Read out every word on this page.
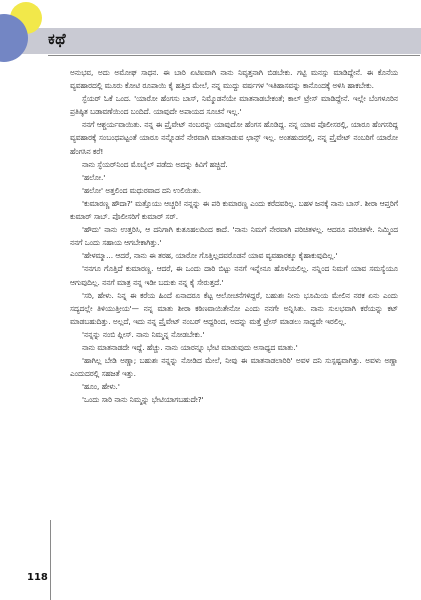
ಕಥೆ

ಅನುಭವ, ಅದು ಅಮೋಘ ಸಾಧನ. ಈ ಬಾರಿ ಏಟಿಐವಾಗಿ ನಾನು ನಿವೃತ್ತನಾಗಿ ಬಿಡಬೇಕು. ಗಟ್ಟಿ ಮನಸ್ಸು ಮಾಡಿದ್ದೇನೆ. ಈ ಕೊನೆಯ ವ್ಯವಹಾರದಲ್ಲಿ ಮೂರು ಕೋಟಿ ರೂಪಾಯಿ ಕೈ ಹತ್ತಿದ ಮೇಲೆ, ನನ್ನ ಮುದ್ದು ವರ್ಷಗಳ 'ಇತಿಹಾಸವನ್ನು ಕಾನೊಂದಕ್ಕೆ ಅಳಿಸಿ ಹಾಕಬೇಕು.

ಸ್ಫೆಯರ್ ಓಕೆ ಒಂದ. 'ಯಾರೋ ಹೆಂಗಸು ಬಾಸ್, ನಿಮ್ಮೊಡನೆಯೇ ಮಾತನಾಡಬೇಕಂತೆ; ಕಾಲ್ ಟ್ರೇಸ್ ಮಾಡಿದ್ದೇನೆ. ಇಲ್ಲೇ ಬೆಂಗಳೂರಿನ ಪ್ರತಿಷ್ಠಿತ ಬಡಾವಣೆಯಿಂದ ಬಂದಿದೆ. ಯಾವುದೇ ಅಪಾಯದ ಸೂಚನೆ ಇಲ್ಲ.'

ನನಗೆ ಆಶ್ಚರ್ಯವಾಯಿತು. ನನ್ನ ಈ ಪ್ರೈವೇಟ್ ನಂಬರನ್ನು ಯಾವುದೋ ಹೆಂಗಸ ಹೊಡಿದ್ದ. ನನ್ನ ಯಾವ ಪೊಲೀಸರಲ್ಲಿ, ಯಾರೂ ಹೆಂಗಸರಿದ್ದ ವ್ಯವಹಾರಕ್ಕೆ ಸಂಬಂಧಪಟ್ಟಂತೆ ಯಾರೂ ನನ್ನೊಡನೆ ನೇರವಾಗಿ ಮಾತನಾಡುವ ಛಾನ್ಸ್ ಇಲ್ಲ. ಅಂತಹುದರಲ್ಲಿ, ನನ್ನ ಪ್ರೈವೇಟ್ ನಂಬರಿಗೆ ಯಾರೋ ಹೆಂಗಸಿನ ಕರೆ!

ನಾನು ಸ್ಫೆಯರ್‌ನಿಂದ ಮೊಬೈಲ್ ಪಡೆದು ಅದನ್ನು ಕಿವಿಗೆ ಹಚ್ಚಿದೆ.

'ಹಲೋ.'

'ಹಲೋ' ಅತ್ತಲಿಂದ ಮಧುರವಾದ ದನಿ ಉಲಿಯಿತು.

'ಕುಮಾರಣ್ಣ ಹೌದಾ?' ಮತ್ತೊಯು ಆಚ್ಚರಿ! ನನ್ನನ್ನು ಈ ಪರಿ ಕುಮಾರಣ್ಣ ಎಂದು ಕರೆದವರಿಲ್ಲ. ಬಹಳ ಜನಕ್ಕೆ ನಾನು ಬಾಸ್. ಶೀರಾ ಆಪ್ತರಿಗೆ ಕುಮಾರ್ ಸಾಬ್. ಪೊಲೀಸರಿಗೆ ಕುಮಾರ್ ಸರ್.

'ಹೌದು' ನಾನು ಉತ್ತರಿಸಿ, ಆ ದನಿಗಾಗಿ ಕುತೂಹಲದಿಂದ ಕಾದೆ. 'ನಾನು ನಿಮಗೆ ನೇರವಾಗಿ ಪರಿಚಿತಳಲ್ಲ. ಆದರೂ ಪರಿಚಿತಳೇ. ನಿಮ್ಮಿಂದ ನನಗೆ ಒಂದು ಸಹಾಯ ಆಗಬೇಕಾಗಿತ್ತು.'

'ಹೇಳಮ್ಮಾ... ಆದರೆ, ನಾನು ಈ ತರಹ, ಯಾರೋ ಗೊತ್ತಿಲ್ಲದವರೊಡನೆ ಯಾವ ವ್ಯವಹಾರಕ್ಕೂ ಕೈಹಾಕುವುದಿಲ್ಲ.'

'ನನಗೂ ಗೊತ್ತಿದೆ ಕುಮಾರಣ್ಣ. ಆದರೆ, ಈ ಒಂದು ದಾರಿ ಬಿಟ್ಟು ನನಗೆ ಇನ್ನೇನೂ ಹೊಳೆಯಲಿಲ್ಲ. ನನ್ನಿಂದ ನಿಮಗೆ ಯಾವ ಸಮಸ್ಯೆಯೂ ಆಗುವುದಿಲ್ಲ. ನನಗೆ ಮಾತ್ರ ನನ್ನ ಇಡೀ ಬದುಕು ನನ್ನ ಕೈ ಸೇರುತ್ತದೆ.'

'ಸರಿ, ಹೇಳು. ನಿನ್ನ ಈ ಕರೆಯ ಹಿಂದೆ ಏನಾದರೂ ಕೆಟ್ಟ ಆಲೋಚನೆಗಳಿದ್ದರೆ, ಬಹುಶಃ ನೀನು ಭೂಮಿಯ ಮೇಲಿನ ನರಕ ಏನು ಎಂದು ಸದ್ಯದಲ್ಲೇ ತಿಳಿಯುತ್ತೀಯ'— ನನ್ನ ಮಾತು ಶೀರಾ ಕಠಿಣವಾಯಿತೇನೋ ಎಂದು ನನಗೇ ಅನ್ನಿಸಿತು. ನಾನು ಸುಲಭವಾಗಿ ಕರೆಯನ್ನು ಕಟ್ ಮಾಡಬಹುದಿತ್ತು. ಅಲ್ಲದೆ, ಇದು ನನ್ನ ಪ್ರೈವೇಟ್ ನಂಬರ್ ಆದ್ದರಿಂದ, ಅದನ್ನು ಮತ್ತೆ ಟ್ರೇಸ್ ಮಾಡಲು ಸಾಧ್ಯವೇ ಇರಲಿಲ್ಲ.

'ನನ್ನನ್ನು ನಂಬಿ ಪ್ಲೀಸ್. ನಾನು ನಿಮ್ಮನ್ನ ನೋಡಬೇಕು.'

ನಾನು ಮಾತನಾಡದೇ ಇದ್ದೆ. ಹೆಚ್ಚು. ನಾನು ಯಾರನ್ನೂ ಭೇಟಿ ಮಾಡುವುದು ಅಸಾಧ್ಯದ ಮಾತು.'

'ಹಾಗಿಲ್ಲ ಬೇಡಿ ಅಣ್ಣಾ; ಬಹುಶಃ ನನ್ನನ್ನು ನೋಡಿದ ಮೇಲೆ, ನೀವು ಈ ಮಾತನಾಡಲಾರಿರಿ' ಅವಳ ದನಿ ಸುಸ್ಪಷ್ಟವಾಗಿತ್ತು. ಅವಳು ಅಣ್ಣಾ ಎಂದುದರಲ್ಲಿ ಸಹಜತೆ ಇತ್ತು.

'ಹೂಂ, ಹೇಳು.'

'ಒಂದು ಸಾರಿ ನಾನು ನಿಮ್ಮನ್ನು ಭೇಟಿಯಾಗಬಹುದೇ?'

118
